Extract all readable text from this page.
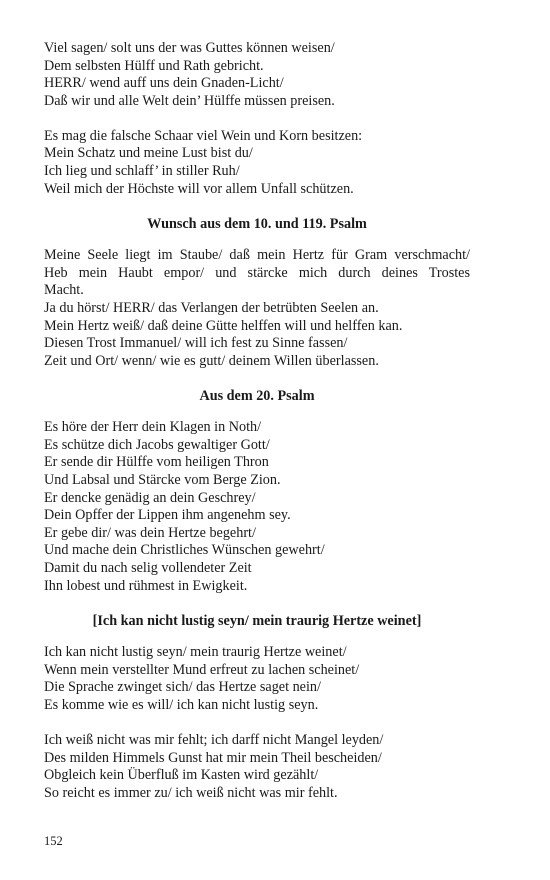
Viel sagen/ solt uns der was Guttes können weisen/
Dem selbsten Hülff und Rath gebricht.
HERR/ wend auff uns dein Gnaden-Licht/
Daß wir und alle Welt dein’ Hülffe müssen preisen.
Es mag die falsche Schaar viel Wein und Korn besitzen:
Mein Schatz und meine Lust bist du/
Ich lieg und schlaff’ in stiller Ruh/
Weil mich der Höchste will vor allem Unfall schützen.
Wunsch aus dem 10. und 119. Psalm
Meine Seele liegt im Staube/ daß mein Hertz für Gram verschmacht/
Heb mein Haubt empor/ und stärcke mich durch deines Trostes
Macht.
Ja du hörst/ HERR/ das Verlangen der betrübten Seelen an.
Mein Hertz weiß/ daß deine Gütte helffen will und helffen kan.
Diesen Trost Immanuel/ will ich fest zu Sinne fassen/
Zeit und Ort/ wenn/ wie es gutt/ deinem Willen überlassen.
Aus dem 20. Psalm
Es höre der Herr dein Klagen in Noth/
Es schütze dich Jacobs gewaltiger Gott/
Er sende dir Hülffe vom heiligen Thron
Und Labsal und Stärcke vom Berge Zion.
Er dencke genädig an dein Geschrey/
Dein Opffer der Lippen ihm angenehm sey.
Er gebe dir/ was dein Hertze begehrt/
Und mache dein Christliches Wünschen gewehrt/
Damit du nach selig vollendeter Zeit
Ihn lobest und rühmest in Ewigkeit.
[Ich kan nicht lustig seyn/ mein traurig Hertze weinet]
Ich kan nicht lustig seyn/ mein traurig Hertze weinet/
Wenn mein verstellter Mund erfreut zu lachen scheinet/
Die Sprache zwinget sich/ das Hertze saget nein/
Es komme wie es will/ ich kan nicht lustig seyn.
Ich weiß nicht was mir fehlt; ich darff nicht Mangel leyden/
Des milden Himmels Gunst hat mir mein Theil bescheiden/
Obgleich kein Überfluß im Kasten wird gezählt/
So reicht es immer zu/ ich weiß nicht was mir fehlt.
152
